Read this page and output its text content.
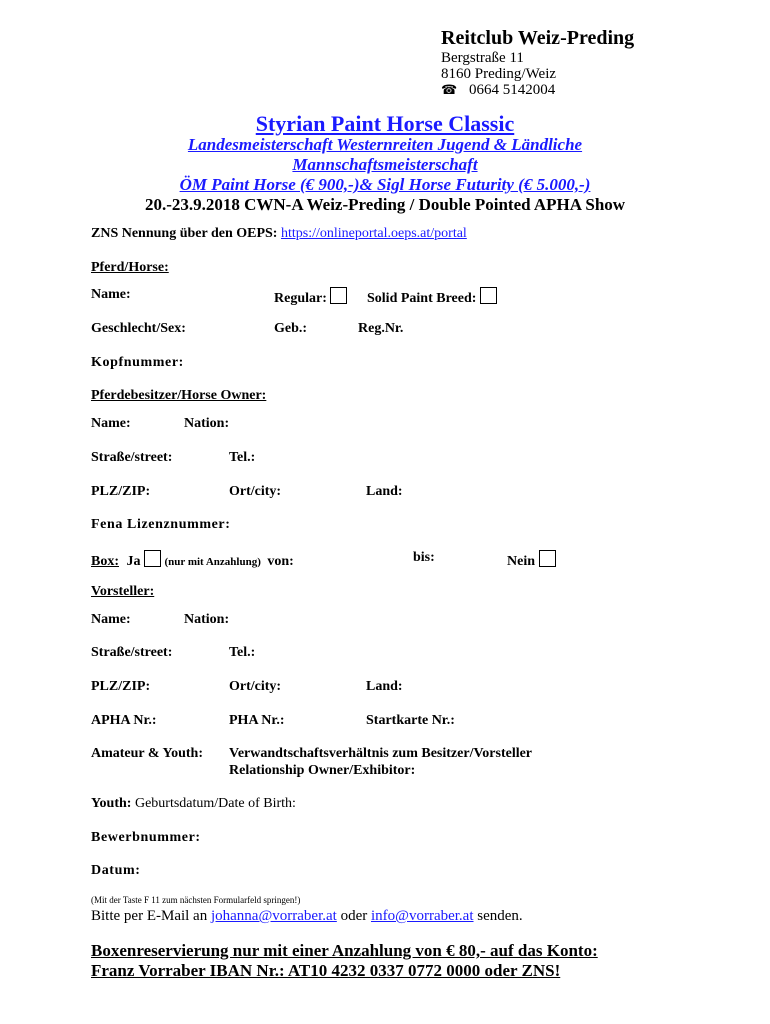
Reitclub Weiz-Preding
Bergstraße 11
8160 Preding/Weiz
☎ 0664 5142004
Styrian Paint Horse Classic
Landesmeisterschaft Westernreiten Jugend & Ländliche
Mannschaftsmeisterschaft
ÖM Paint Horse (€ 900,-)& Sigl Horse Futurity (€ 5.000,-)
20.-23.9.2018 CWN-A Weiz-Preding / Double Pointed APHA Show
ZNS Nennung über den OEPS: https://onlineportal.oeps.at/portal
Pferd/Horse:
Name:	Regular:	Solid Paint Breed:
Geschlecht/Sex:	Geb.:	Reg.Nr.
Kopfnummer:
Pferdebesitzer/Horse Owner:
Name:	Nation:
Straße/street:	Tel.:
PLZ/ZIP:	Ort/city:	Land:
Fena Lizenznummer:
Box: Ja (nur mit Anzahlung) von:	bis:	Nein
Vorsteller:
Name:	Nation:
Straße/street:	Tel.:
PLZ/ZIP:	Ort/city:	Land:
APHA Nr.:	PHA Nr.:	Startkarte Nr.:
Amateur & Youth: Verwandtschaftsverhältnis zum Besitzer/Vorsteller
Relationship Owner/Exhibitor:
Youth: Geburtsdatum/Date of Birth:
Bewerbnummer:
Datum:
(Mit der Taste F 11 zum nächsten Formularfeld springen!)
Bitte per E-Mail an johanna@vorraber.at oder info@vorraber.at senden.
Boxenreservierung nur mit einer Anzahlung von € 80,- auf das Konto:
Franz Vorraber IBAN Nr.: AT10 4232 0337 0772 0000 oder ZNS!
